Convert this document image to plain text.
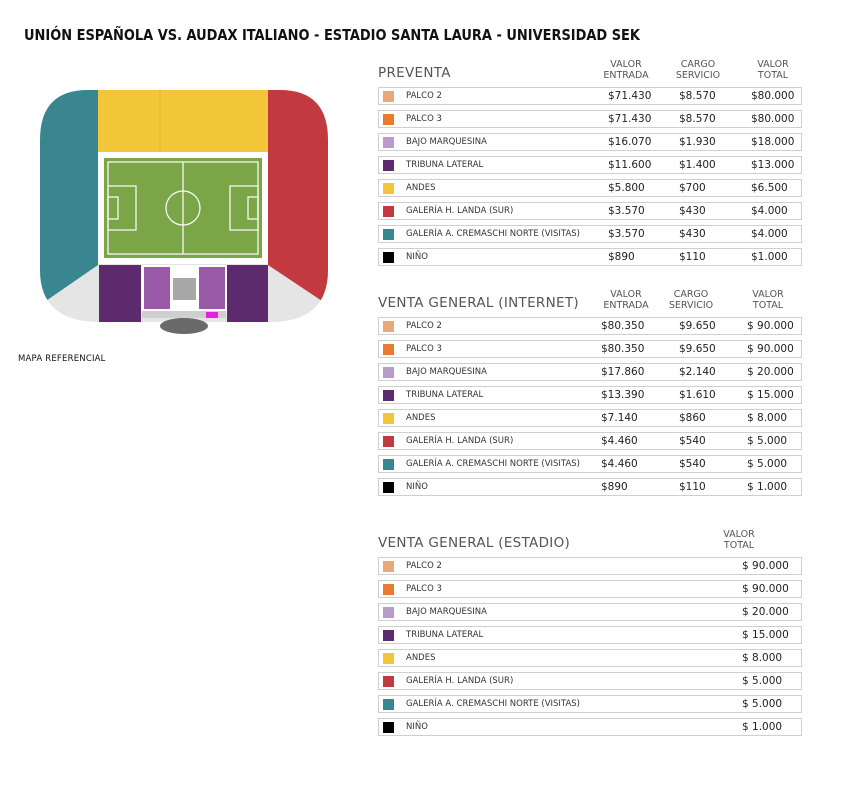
UNIÓN ESPAÑOLA VS. AUDAX ITALIANO - ESTADIO SANTA LAURA - UNIVERSIDAD SEK
MAPA REFERENCIAL
PREVENTA
VALOR
ENTRADA
CARGO
SERVICIO
VALOR
TOTAL
PALCO 2	$71.430	$8.570	$80.000
PALCO 3	$71.430	$8.570	$80.000
BAJO MARQUESINA	$16.070	$1.930	$18.000
TRIBUNA LATERAL	$11.600	$1.400	$13.000
ANDES	$5.800	$700	$6.500
GALERÍA H. LANDA (SUR)	$3.570	$430	$4.000
GALERÍA A. CREMASCHI NORTE (VISITAS)	$3.570	$430	$4.000
NIÑO	$890	$110	$1.000
VENTA GENERAL (INTERNET)
VALOR
ENTRADA
CARGO
SERVICIO
VALOR
TOTAL
PALCO 2	$80.350	$9.650	$ 90.000
PALCO 3	$80.350	$9.650	$ 90.000
BAJO MARQUESINA	$17.860	$2.140	$ 20.000
TRIBUNA LATERAL	$13.390	$1.610	$ 15.000
ANDES	$7.140	$860	$ 8.000
GALERÍA H. LANDA (SUR)	$4.460	$540	$ 5.000
GALERÍA A. CREMASCHI NORTE (VISITAS) $4.460	$540	$ 5.000
NIÑO	$890	$110	$ 1.000
VENTA GENERAL (ESTADIO)
VALOR
TOTAL
PALCO 2	$ 90.000
PALCO 3	$ 90.000
BAJO MARQUESINA	$ 20.000
TRIBUNA LATERAL	$ 15.000
ANDES	$ 8.000
GALERÍA H. LANDA (SUR)	$ 5.000
GALERÍA A. CREMASCHI NORTE (VISITAS)	$ 5.000
NIÑO	$ 1.000
